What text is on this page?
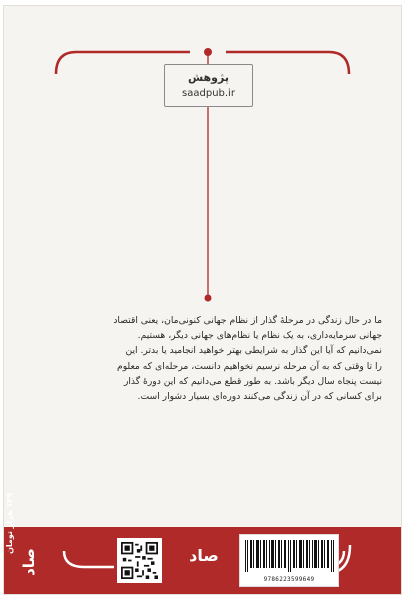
پژوهش
saadpub.ir
ما در حال زندگی در مرحلهٔ گذار از نظام جهانی کنونی‌مان، یعنی اقتصاد
جهانی سرمایه‌داری، به یک نظام یا نظام‌های جهانی دیگر، هستیم.
نمی‌دانیم که آیا این گذار به شرایطی بهتر خواهید انجامید یا بدتر. این
را تا وقتی که به آن مرحله نرسیم نخواهیم دانست، مرحله‌ای که معلوم
نیست پنجاه سال دیگر باشد. به طور قطع می‌دانیم که این دورهٔ گذار
برای کسانی که در آن زندگی می‌کنند دوره‌ای بسیار دشوار است.
۱۳۹ هزار تومان
صاد	صاد
9786223599649
